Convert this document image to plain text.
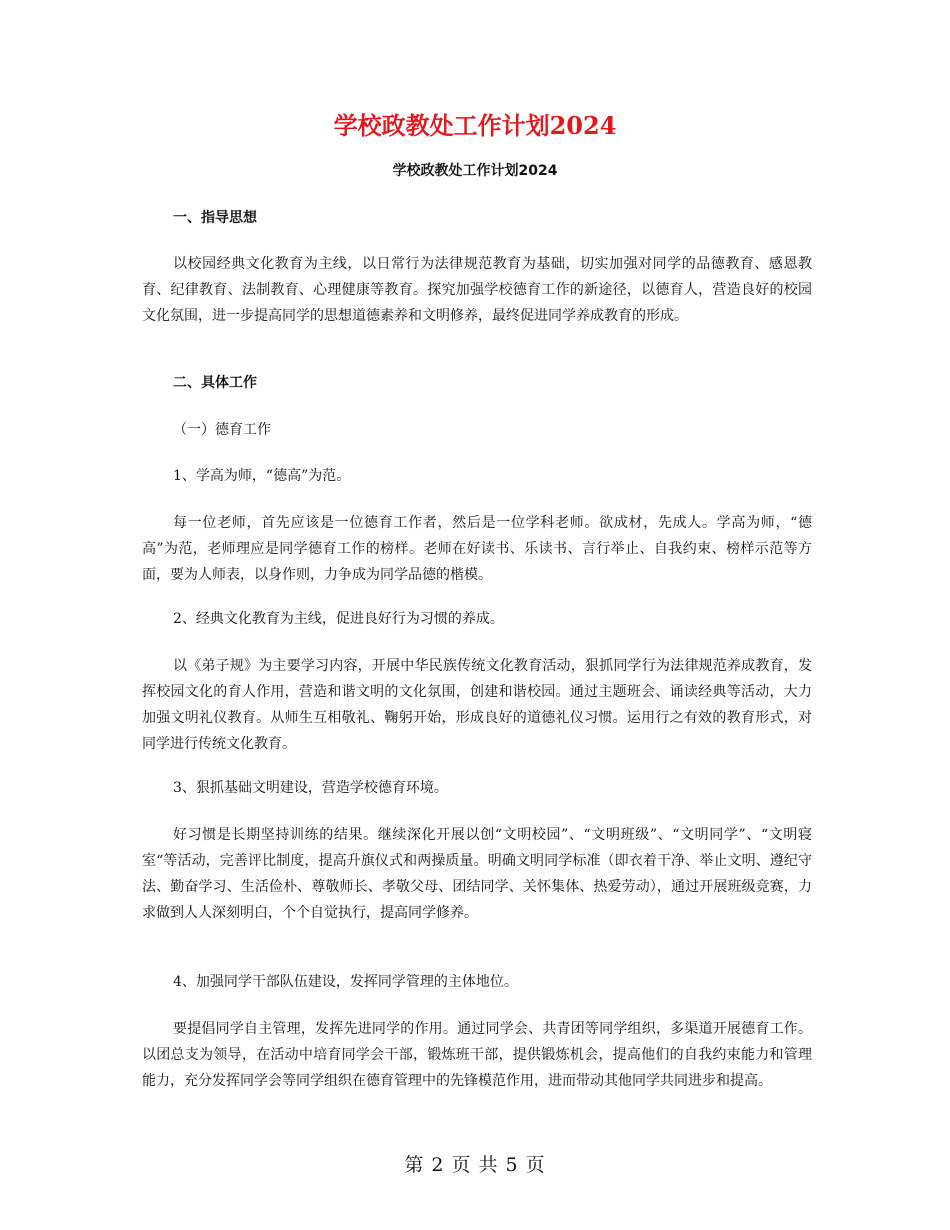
学校政教处工作计划2024
学校政教处工作计划2024
一、指导思想

以校园经典文化教育为主线，以日常行为法律规范教育为基础，切实加强对同学的品德教育、感恩教育、纪律教育、法制教育、心理健康等教育。探究加强学校德育工作的新途径，以德育人，营造良好的校园文化氛围，进一步提高同学的思想道德素养和文明修养，最终促进同学养成教育的形成。

二、具体工作
（一）德育工作
1、学高为师，“德高”为范。

每一位老师，首先应该是一位德育工作者，然后是一位学科老师。欲成材，先成人。学高为师，“德高”为范，老师理应是同学德育工作的榜样。老师在好读书、乐读书、言行举止、自我约束、榜样示范等方面，要为人师表，以身作则，力争成为同学品德的楷模。

2、经典文化教育为主线，促进良好行为习惯的养成。

以《弟子规》为主要学习内容，开展中华民族传统文化教育活动，狠抓同学行为法律规范养成教育，发挥校园文化的育人作用，营造和谐文明的文化氛围，创建和谐校园。通过主题班会、诵读经典等活动，大力加强文明礼仪教育。从师生互相敬礼、鞠躬开始，形成良好的道德礼仪习惯。运用行之有效的教育形式，对同学进行传统文化教育。

3、狠抓基础文明建设，营造学校德育环境。

好习惯是长期坚持训练的结果。继续深化开展以创“文明校园”、“文明班级”、“文明同学”、“文明寝室“等活动，完善评比制度，提高升旗仪式和两操质量。明确文明同学标准（即衣着干净、举止文明、遵纪守法、勤奋学习、生活俭朴、尊敬师长、孝敬父母、团结同学、关怀集体、热爱劳动），通过开展班级竞赛，力求做到人人深刻明白，个个自觉执行，提高同学修养。

4、加强同学干部队伍建设，发挥同学管理的主体地位。

要提倡同学自主管理，发挥先进同学的作用。通过同学会、共青团等同学组织，多渠道开展德育工作。以团总支为领导，在活动中培育同学会干部，锻炼班干部，提供锻炼机会，提高他们的自我约束能力和管理能力，充分发挥同学会等同学组织在德育管理中的先锋模范作用，进而带动其他同学共同进步和提高。

第 2 页 共 5 页
